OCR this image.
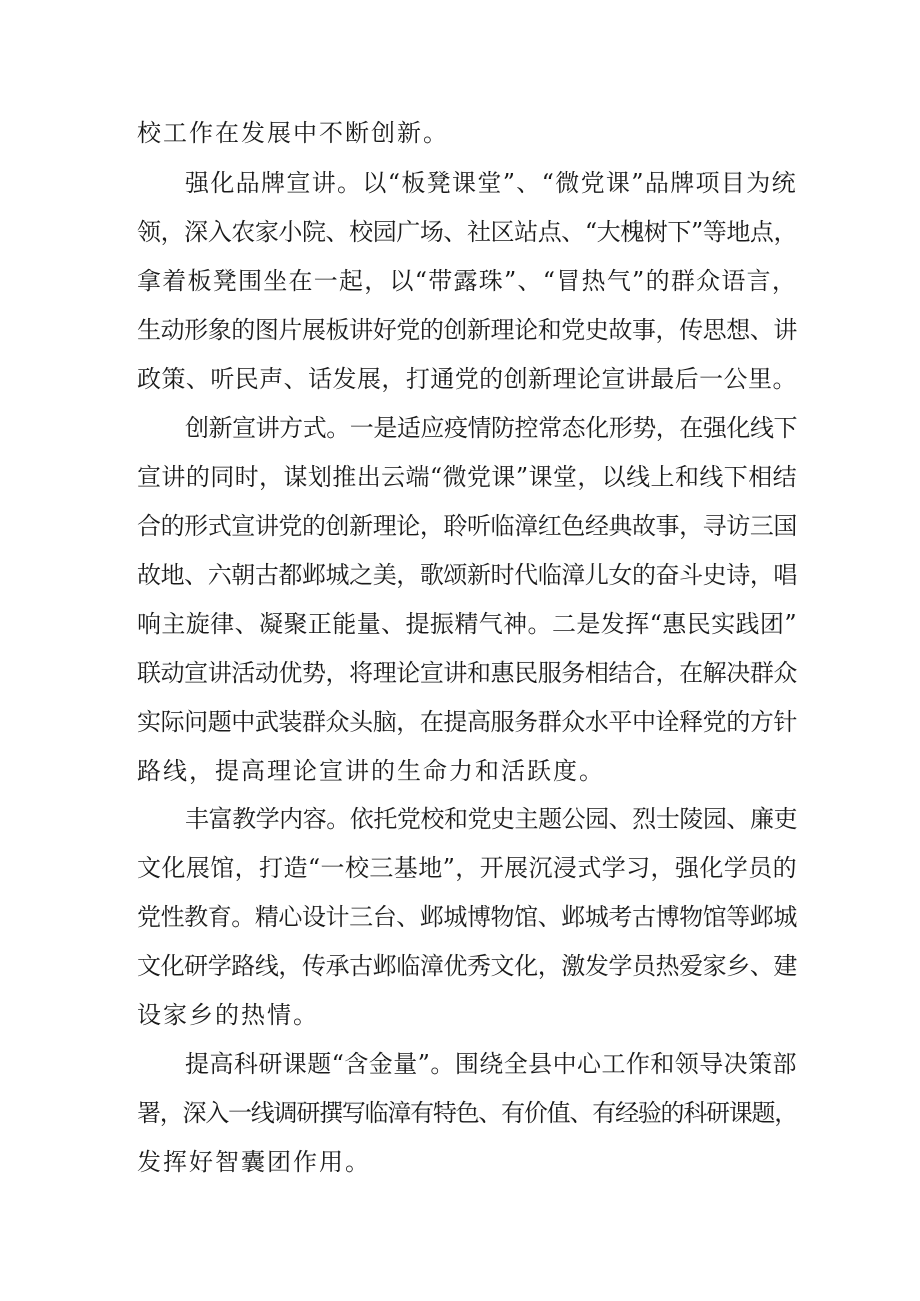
校工作在发展中不断创新。
强化品牌宣讲。以“板凳课堂”、“微党课”品牌项目为统
领，深入农家小院、校园广场、社区站点、“大槐树下”等地点，
拿着板凳围坐在一起，以“带露珠”、“冒热气”的群众语言，
生动形象的图片展板讲好党的创新理论和党史故事，传思想、讲
政策、听民声、话发展，打通党的创新理论宣讲最后一公里。
创新宣讲方式。一是适应疫情防控常态化形势，在强化线下
宣讲的同时，谋划推出云端“微党课”课堂，以线上和线下相结
合的形式宣讲党的创新理论，聆听临漳红色经典故事，寻访三国
故地、六朝古都邺城之美，歌颂新时代临漳儿女的奋斗史诗，唱
响主旋律、凝聚正能量、提振精气神。二是发挥“惠民实践团”
联动宣讲活动优势，将理论宣讲和惠民服务相结合，在解决群众
实际问题中武装群众头脑，在提高服务群众水平中诠释党的方针
路线，提高理论宣讲的生命力和活跃度。
丰富教学内容。依托党校和党史主题公园、烈士陵园、廉吏
文化展馆，打造“一校三基地”，开展沉浸式学习，强化学员的
党性教育。精心设计三台、邺城博物馆、邺城考古博物馆等邺城
文化研学路线，传承古邺临漳优秀文化，激发学员热爱家乡、建
设家乡的热情。
提高科研课题“含金量”。围绕全县中心工作和领导决策部
署，深入一线调研撰写临漳有特色、有价值、有经验的科研课题，
发挥好智囊团作用。
